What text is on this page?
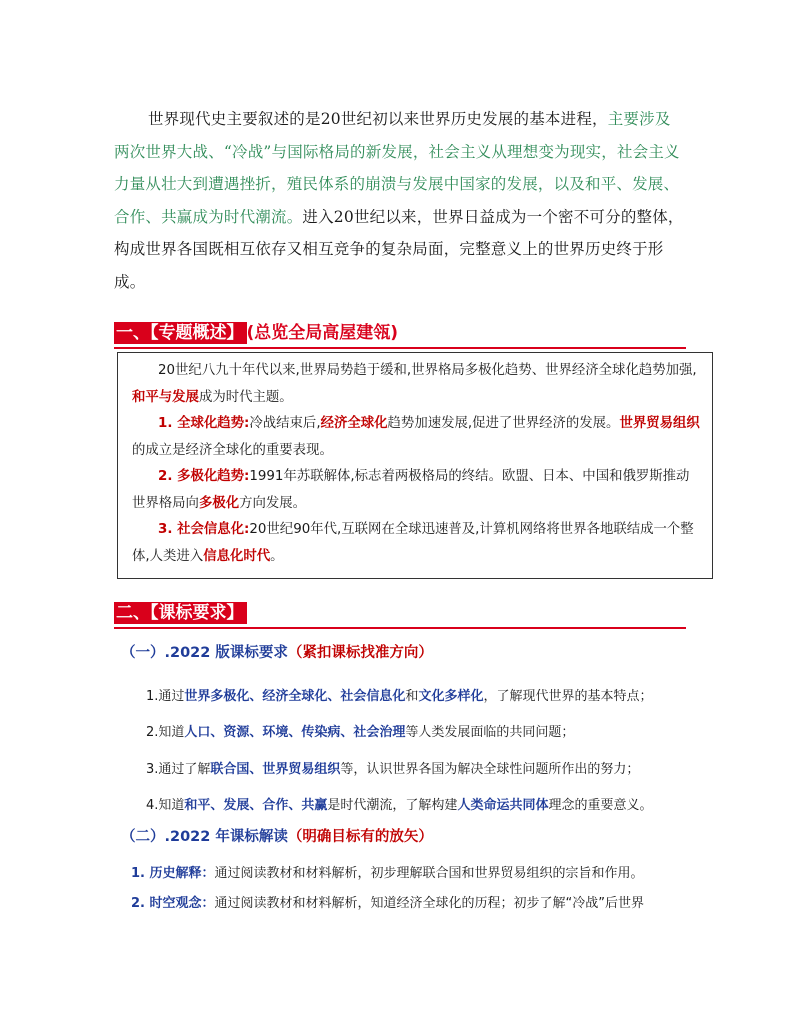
世界现代史主要叙述的是20世纪初以来世界历史发展的基本进程，主要涉及两次世界大战、“冷战”与国际格局的新发展，社会主义从理想变为现实，社会主义力量从壮大到遭遇挫折，殖民体系的崩溃与发展中国家的发展，以及和平、发展、合作、共赢成为时代潮流。进入20世纪以来，世界日益成为一个密不可分的整体，构成世界各国既相互依存又相互竞争的复杂局面，完整意义上的世界历史终于形成。
一、【专题概述】 (总览全局高屋建瓴)

20世纪八九十年代以来,世界局势趋于缓和,世界格局多极化趋势、世界经济全球化趋势加强,和平与发展成为时代主题。

1. 全球化趋势:冷战结束后,经济全球化趋势加速发展,促进了世界经济的发展。世界贸易组织的成立是经济全球化的重要表现。

2. 多极化趋势:1991年苏联解体,标志着两极格局的终结。欧盟、日本、中国和俄罗斯推动世界格局向多极化方向发展。

3. 社会信息化:20世纪90年代,互联网在全球迅速普及,计算机网络将世界各地联结成一个整体,人类进入信息化时代。

二、【课标要求】
（一）.2022 版课标要求（紧扣课标找准方向）
1.通过世界多极化、经济全球化、社会信息化和文化多样化，了解现代世界的基本特点；
2.知道人口、资源、环境、传染病、社会治理等人类发展面临的共同问题；
3.通过了解联合国、世界贸易组织等，认识世界各国为解决全球性问题所作出的努力；
4.知道和平、发展、合作、共赢是时代潮流，了解构建人类命运共同体理念的重要意义。
（二）.2022 年课标解读（明确目标有的放矢）
1. 历史解释：通过阅读教材和材料解析，初步理解联合国和世界贸易组织的宗旨和作用。
2. 时空观念：通过阅读教材和材料解析，知道经济全球化的历程；初步了解“冷战”后世界
